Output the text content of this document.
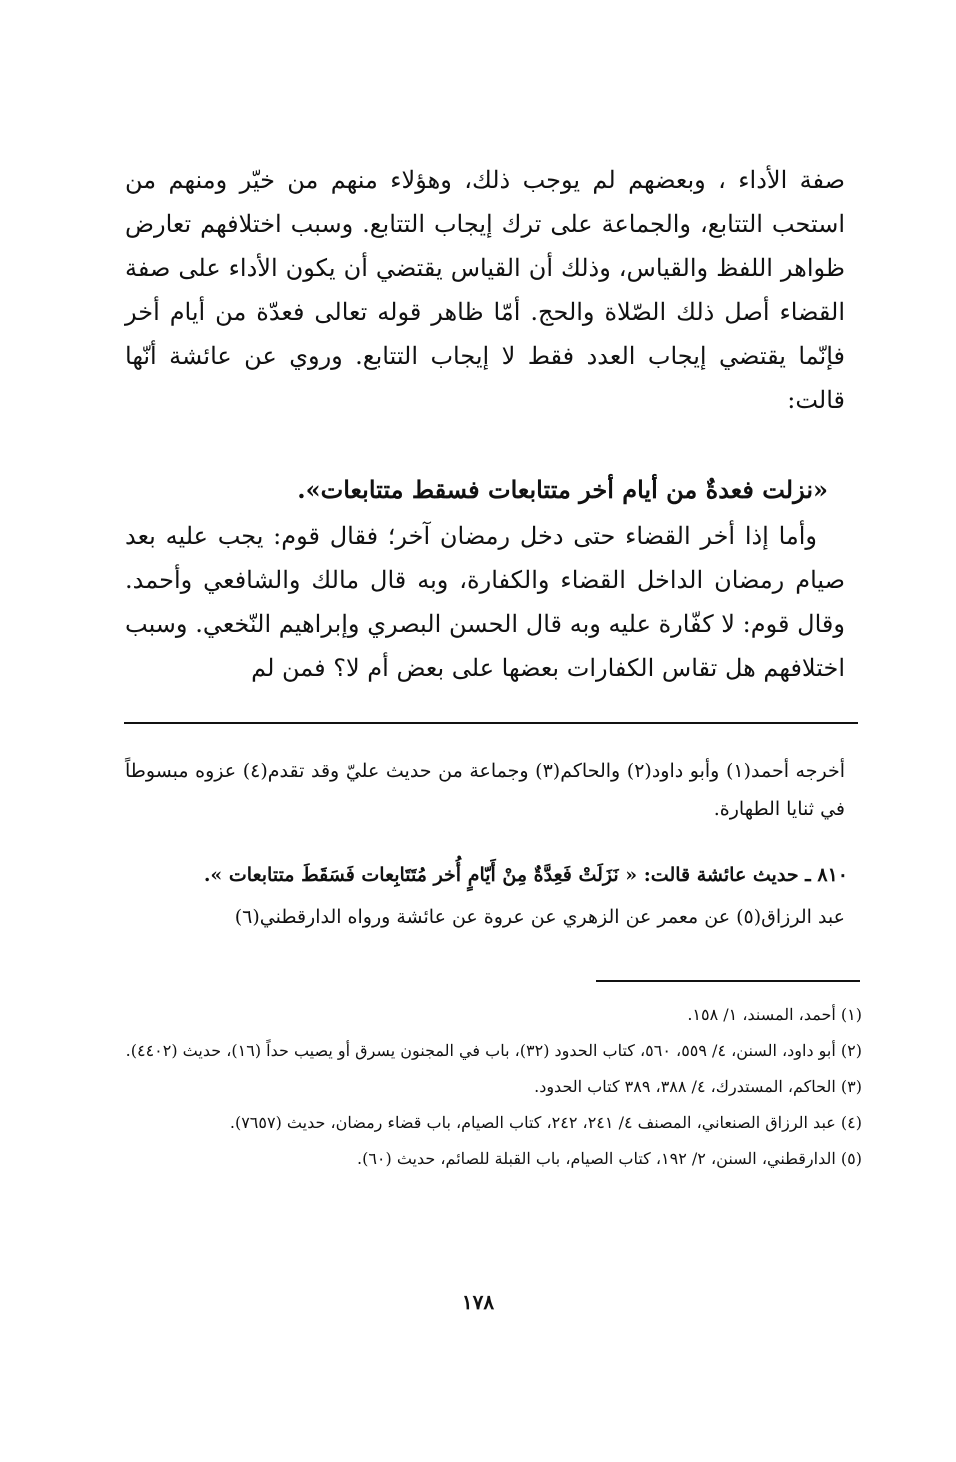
صفة الأداء ، وبعضهم لم يوجب ذلك، وهؤلاء منهم من خيّر ومنهم من استحب التتابع، والجماعة على ترك إيجاب التتابع. وسبب اختلافهم تعارض ظواهر اللفظ والقياس، وذلك أن القياس يقتضي أن يكون الأداء على صفة القضاء أصل ذلك الصّلاة والحج. أمّا ظاهر قوله تعالى فعدّة من أيام أخر فإنّما يقتضي إيجاب العدد فقط لا إيجاب التتابع. وروي عن عائشة أنّها قالت:

«نزلت فعدةٌ من أيام أخر متتابعات فسقط متتابعات».

وأما إذا أخر القضاء حتى دخل رمضان آخر؛ فقال قوم: يجب عليه بعد صيام رمضان الداخل القضاء والكفارة، وبه قال مالك والشافعي وأحمد. وقال قوم: لا كفّارة عليه وبه قال الحسن البصري وإبراهيم النّخعي. وسبب اختلافهم هل تقاس الكفارات بعضها على بعض أم لا؟ فمن لم

أخرجه أحمد(١) وأبو داود(٢) والحاكم(٣) وجماعة من حديث عليّ وقد تقدم(٤) عزوه مبسوطاً في ثنايا الطهارة.

٨١٠ ـ حديث عائشة قالت: « نَزَلَتْ فَعِدَّةٌ مِنْ أَيّامٍ أُخر مُتَتَابِعات فَسَقَطَ متتابعات ».

عبد الرزاق(٥) عن معمر عن الزهري عن عروة عن عائشة ورواه الدارقطني(٦)

(١) أحمد، المسند، ١/ ١٥٨.
(٢) أبو داود، السنن، ٤/ ٥٥٩، ٥٦٠، كتاب الحدود (٣٢)، باب في المجنون يسرق أو يصيب حداً (١٦)، حديث (٤٤٠٢).
(٣) الحاكم، المستدرك، ٤/ ٣٨٨، ٣٨٩ كتاب الحدود.
(٤) عبد الرزاق الصنعاني، المصنف ٤/ ٢٤١، ٢٤٢، كتاب الصيام، باب قضاء رمضان، حديث (٧٦٥٧).
(٥) الدارقطني، السنن، ٢/ ١٩٢، كتاب الصيام، باب القبلة للصائم، حديث (٦٠).
١٧٨
